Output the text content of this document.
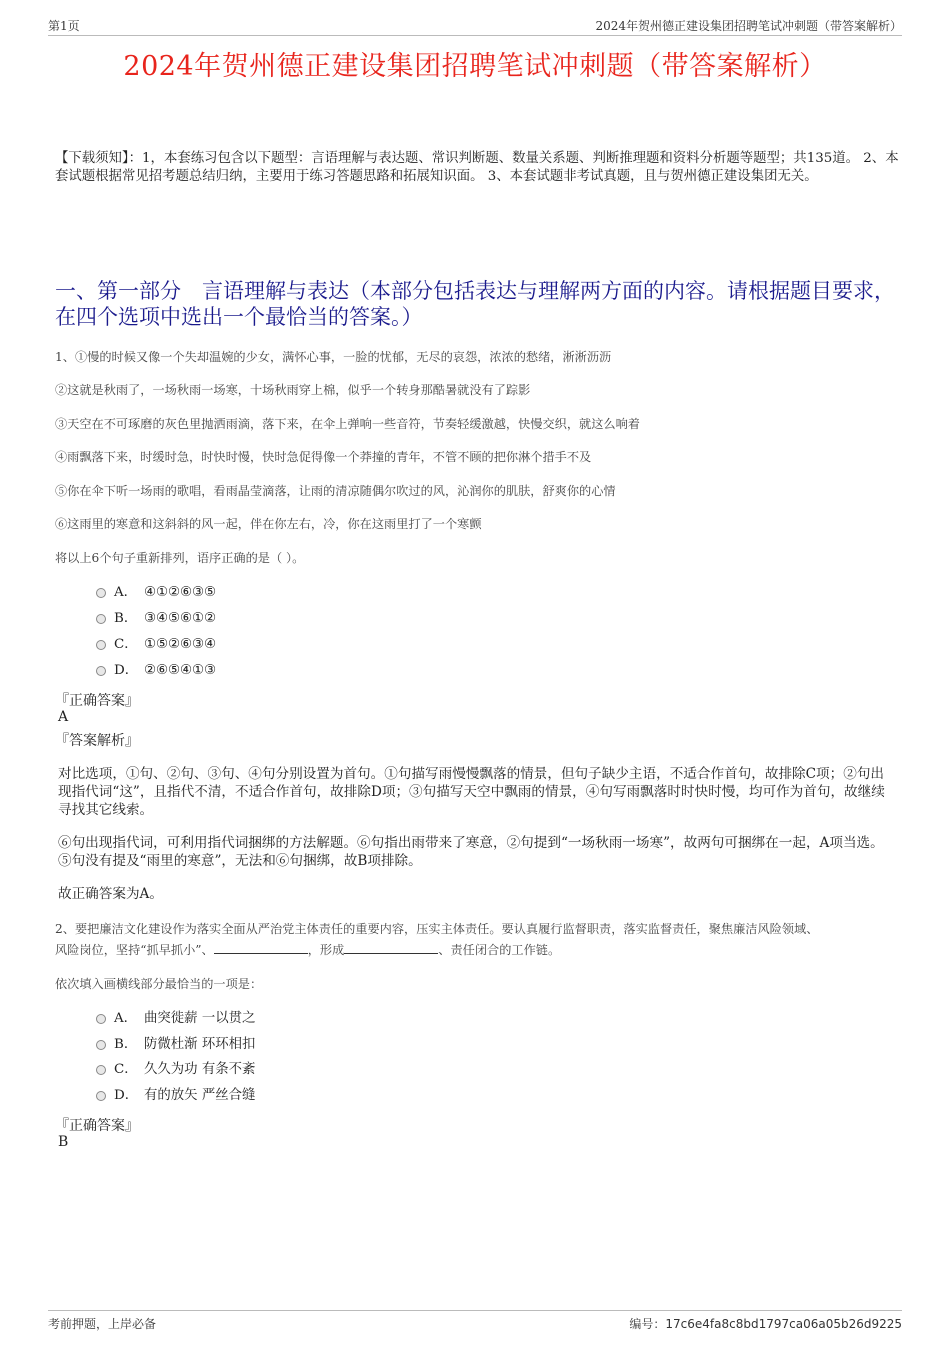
第1页	2024年贺州德正建设集团招聘笔试冲刺题（带答案解析）
2024年贺州德正建设集团招聘笔试冲刺题（带答案解析）
【下载须知】：1，本套练习包含以下题型：言语理解与表达题、常识判断题、数量关系题、判断推理题和资料分析题等题型；共135道。 2、本套试题根据常见招考题总结归纳，主要用于练习答题思路和拓展知识面。 3、本套试题非考试真题，且与贺州德正建设集团无关。
一、第一部分　言语理解与表达（本部分包括表达与理解两方面的内容。请根据题目要求，在四个选项中选出一个最恰当的答案。）
1、①慢的时候又像一个失却温婉的少女，满怀心事，一脸的忧郁，无尽的哀怨，浓浓的愁绪，淅淅沥沥
②这就是秋雨了，一场秋雨一场寒，十场秋雨穿上棉，似乎一个转身那酷暑就没有了踪影
③天空在不可琢磨的灰色里抛洒雨滴，落下来，在伞上弹响一些音符，节奏轻缓激越，快慢交织，就这么响着
④雨飘落下来，时缓时急，时快时慢，快时急促得像一个莽撞的青年，不管不顾的把你淋个措手不及
⑤你在伞下听一场雨的歌唱，看雨晶莹滴落，让雨的清凉随偶尔吹过的风，沁润你的肌肤，舒爽你的心情
⑥这雨里的寒意和这斜斜的风一起，伴在你左右，冷，你在这雨里打了一个寒颤
将以上6个句子重新排列，语序正确的是（ ）。
A． ④①②⑥③⑤
B． ③④⑤⑥①②
C． ①⑤②⑥③④
D． ②⑥⑤④①③
『正确答案』
A
『答案解析』
对比选项，①句、②句、③句、④句分别设置为首句。①句描写雨慢慢飘落的情景，但句子缺少主语，不适合作首句，故排除C项；②句出现指代词“这”，且指代不清，不适合作首句，故排除D项；③句描写天空中飘雨的情景，④句写雨飘落时时快时慢，均可作为首句，故继续寻找其它线索。
⑥句出现指代词，可利用指代词捆绑的方法解题。⑥句指出雨带来了寒意，②句提到“一场秋雨一场寒”，故两句可捆绑在一起，A项当选。⑤句没有提及“雨里的寒意”，无法和⑥句捆绑，故B项排除。
故正确答案为A。
2、要把廉洁文化建设作为落实全面从严治党主体责任的重要内容，压实主体责任。要认真履行监督职责，落实监督责任，聚焦廉洁风险领域、
风险岗位，坚持“抓早抓小”、	，形成	、责任闭合的工作链。
依次填入画横线部分最恰当的一项是：
A． 曲突徙薪 一以贯之
B． 防微杜渐 环环相扣
C． 久久为功 有条不紊
D． 有的放矢 严丝合缝
『正确答案』
B
考前押题，上岸必备	编号：17c6e4fa8c8bd1797ca06a05b26d9225
